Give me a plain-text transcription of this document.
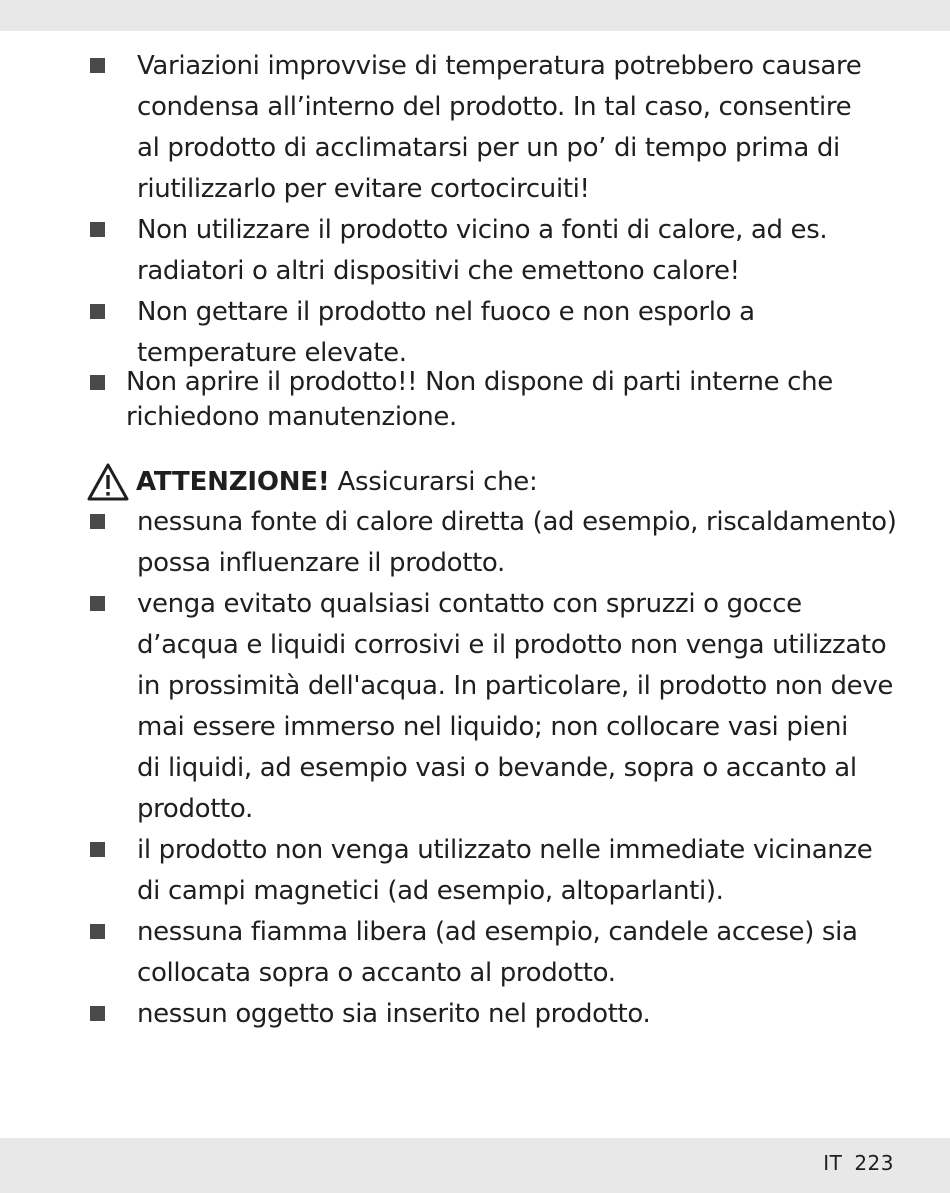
Variazioni improvvise di temperatura potrebbero causare
condensa all’interno del prodotto. In tal caso, consentire
al prodotto di acclimatarsi per un po’ di tempo prima di
riutilizzarlo per evitare cortocircuiti!
Non utilizzare il prodotto vicino a fonti di calore, ad es.
radiatori o altri dispositivi che emettono calore!
Non gettare il prodotto nel fuoco e non esporlo a
temperature elevate.
Non aprire il prodotto!! Non dispone di parti interne che
richiedono manutenzione.
ATTENZIONE! Assicurarsi che:
nessuna fonte di calore diretta (ad esempio, riscaldamento)
possa influenzare il prodotto.
venga evitato qualsiasi contatto con spruzzi o gocce
d’acqua e liquidi corrosivi e il prodotto non venga utilizzato
in prossimità dell'acqua. In particolare, il prodotto non deve
mai essere immerso nel liquido; non collocare vasi pieni
di liquidi, ad esempio vasi o bevande, sopra o accanto al
prodotto.
il prodotto non venga utilizzato nelle immediate vicinanze
di campi magnetici (ad esempio, altoparlanti).
nessuna fiamma libera (ad esempio, candele accese) sia
collocata sopra o accanto al prodotto.
nessun oggetto sia inserito nel prodotto.
IT 223
